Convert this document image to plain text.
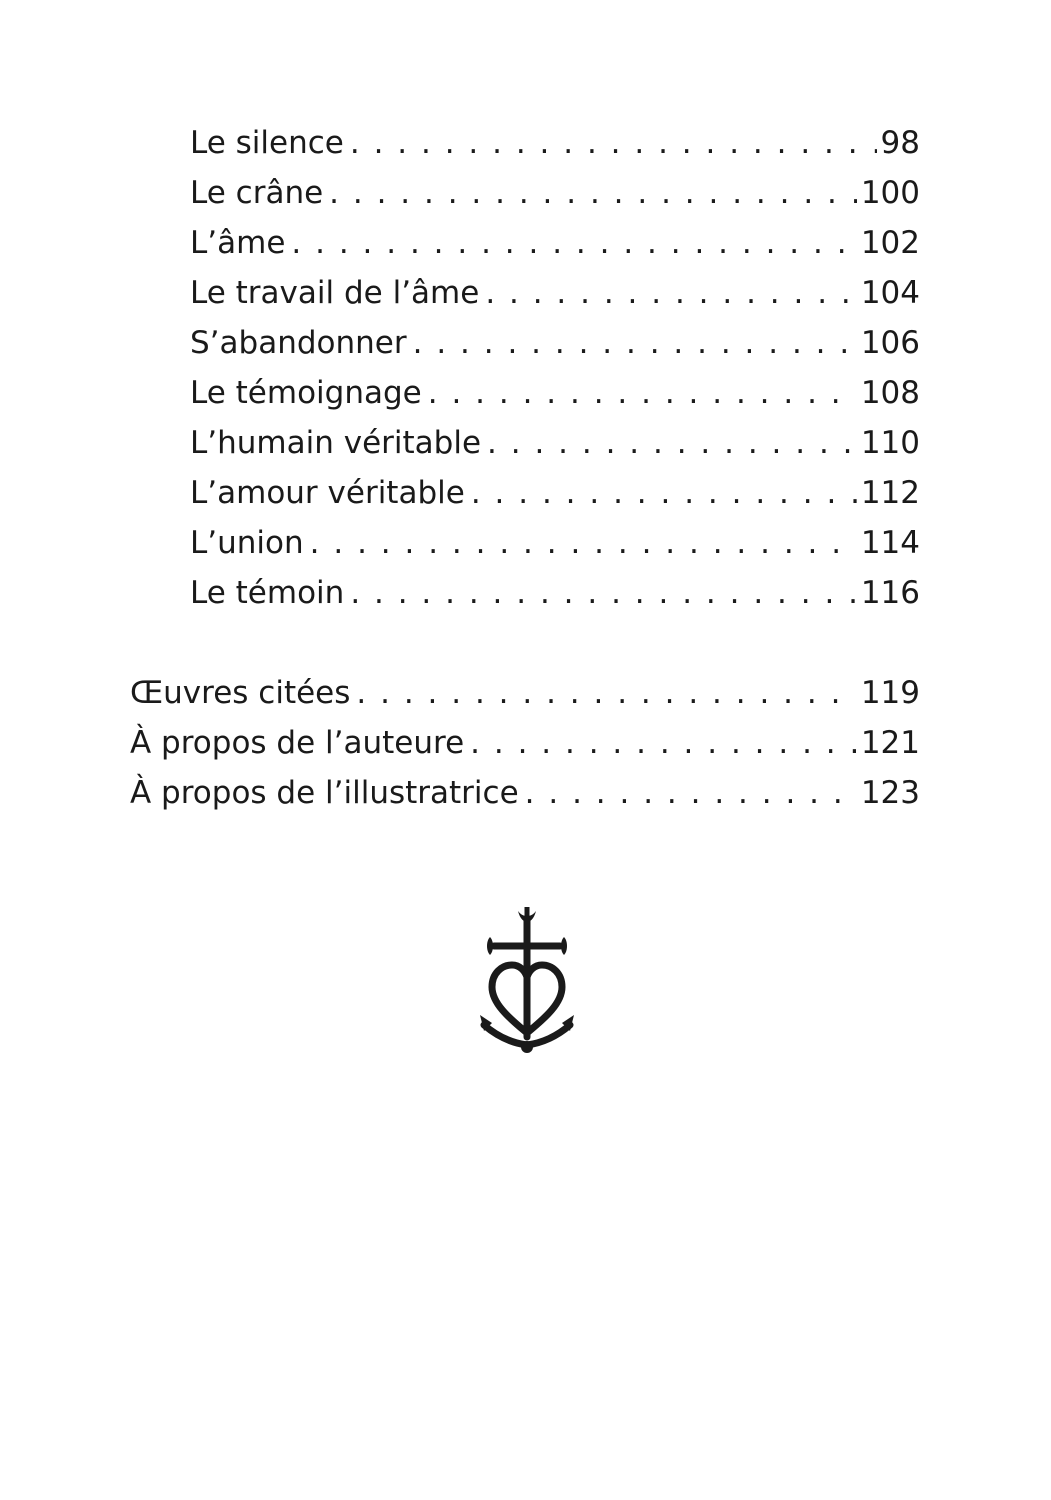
Le silence . . .	98
Le crâne . . .	100
L’âme . . .	102
Le travail de l’âme . . .	104
S’abandonner . . .	106
Le témoignage . . .	108
L’humain véritable . . .	110
L’amour véritable . . .	112
L’union . . .	114
Le témoin . . .	116
Œuvres citées . . .	119
À propos de l’auteure . . .	121
À propos de l’illustratrice . . .	123
